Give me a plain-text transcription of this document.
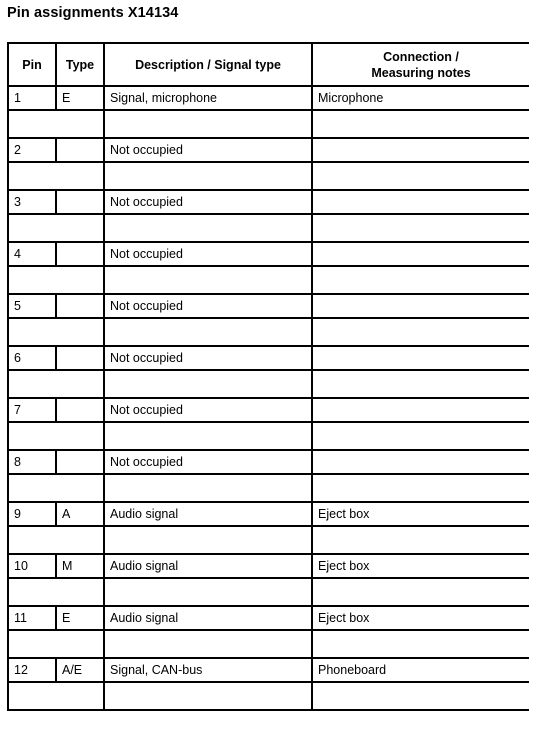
Pin assignments X14134
Pin	Type	Description / Signal type	Connection /
Measuring notes

1	E	Signal, microphone	Microphone

2		Not occupied	

3		Not occupied	

4		Not occupied	

5		Not occupied	

6		Not occupied	

7		Not occupied	

8		Not occupied	

9	A	Audio signal	Eject box

10	M	Audio signal	Eject box

11	E	Audio signal	Eject box

12	A/E	Signal, CAN-bus	Phoneboard
